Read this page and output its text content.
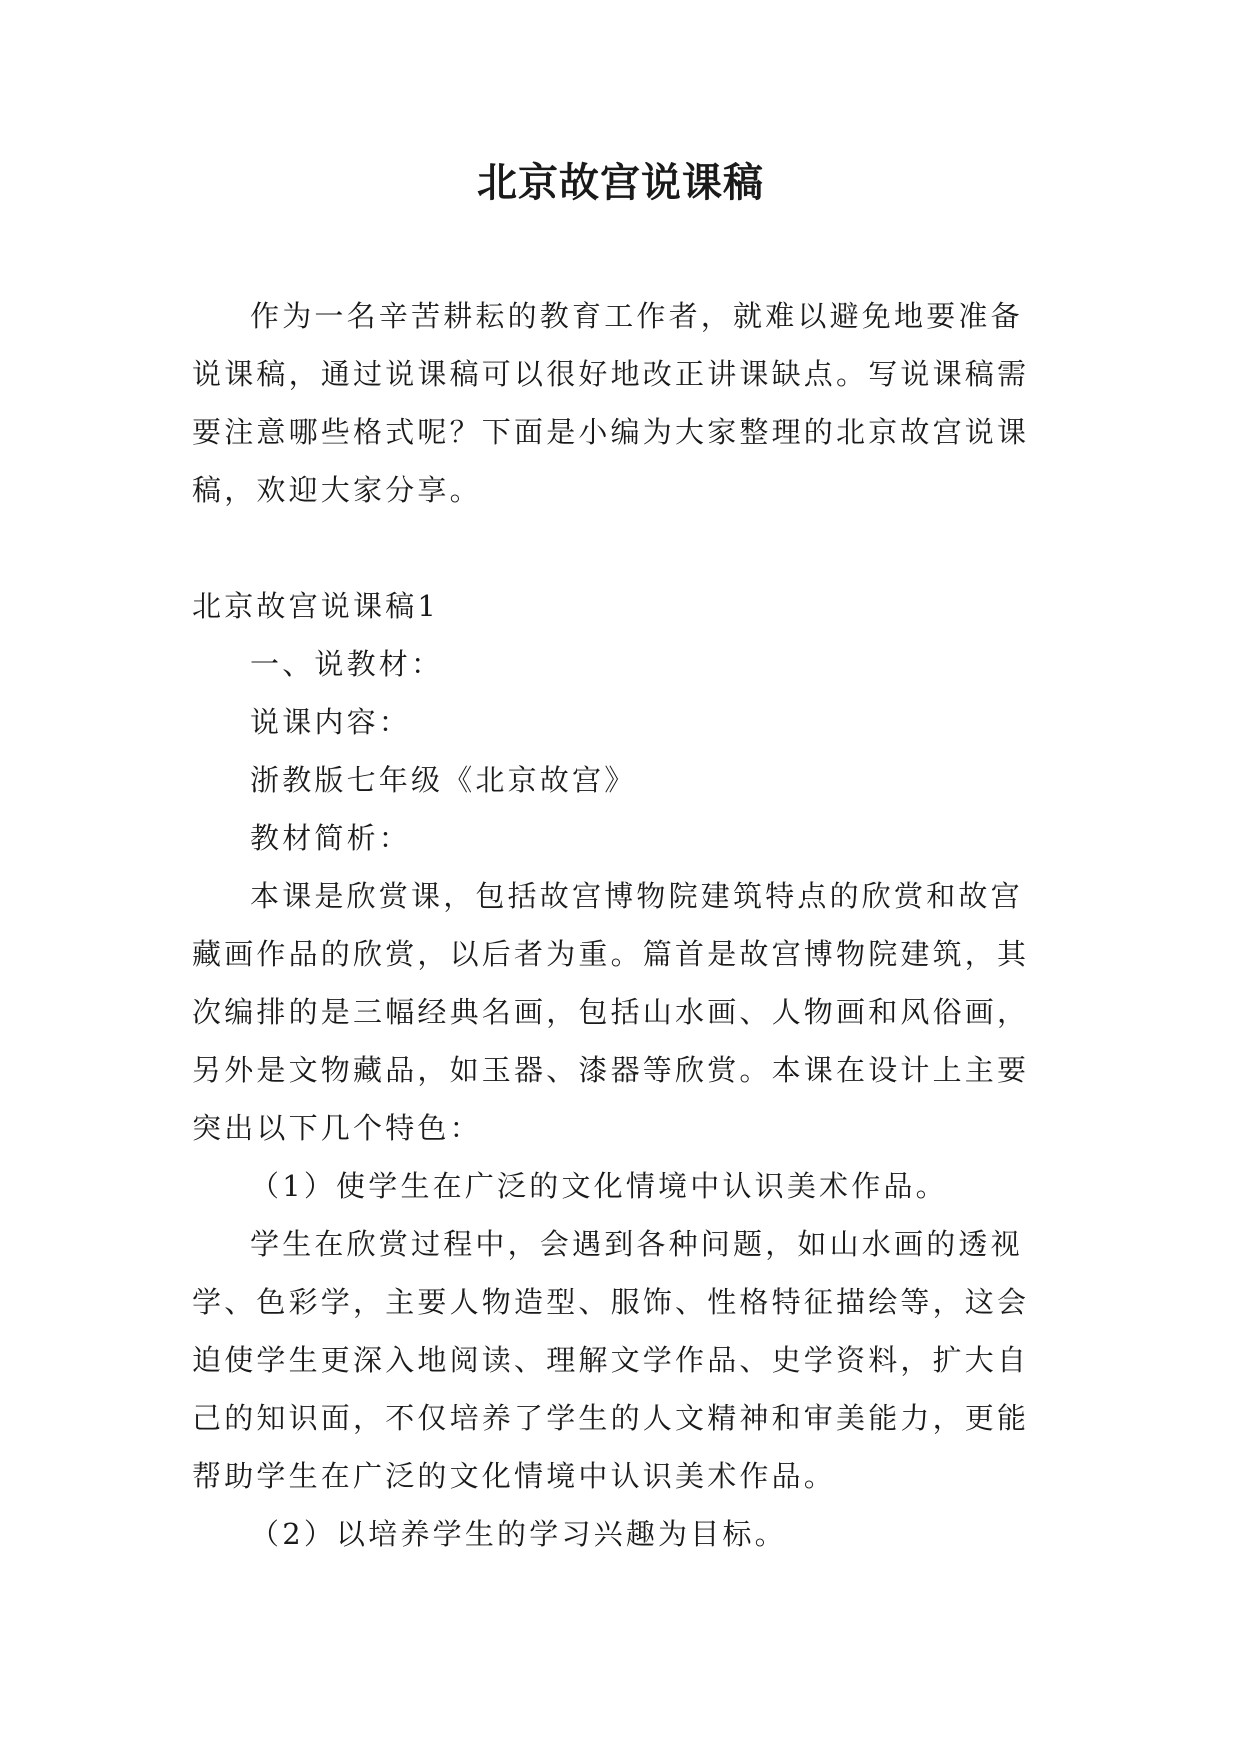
北京故宫说课稿

作为一名辛苦耕耘的教育工作者，就难以避免地要准备说课稿，通过说课稿可以很好地改正讲课缺点。写说课稿需要注意哪些格式呢？下面是小编为大家整理的北京故宫说课稿，欢迎大家分享。

北京故宫说课稿1

一、说教材：

说课内容：

浙教版七年级《北京故宫》

教材简析：

本课是欣赏课，包括故宫博物院建筑特点的欣赏和故宫藏画作品的欣赏，以后者为重。篇首是故宫博物院建筑，其次编排的是三幅经典名画，包括山水画、人物画和风俗画，另外是文物藏品，如玉器、漆器等欣赏。本课在设计上主要突出以下几个特色：

（1）使学生在广泛的文化情境中认识美术作品。

学生在欣赏过程中，会遇到各种问题，如山水画的透视学、色彩学，主要人物造型、服饰、性格特征描绘等，这会迫使学生更深入地阅读、理解文学作品、史学资料，扩大自己的知识面，不仅培养了学生的人文精神和审美能力，更能帮助学生在广泛的文化情境中认识美术作品。

（2）以培养学生的学习兴趣为目标。
